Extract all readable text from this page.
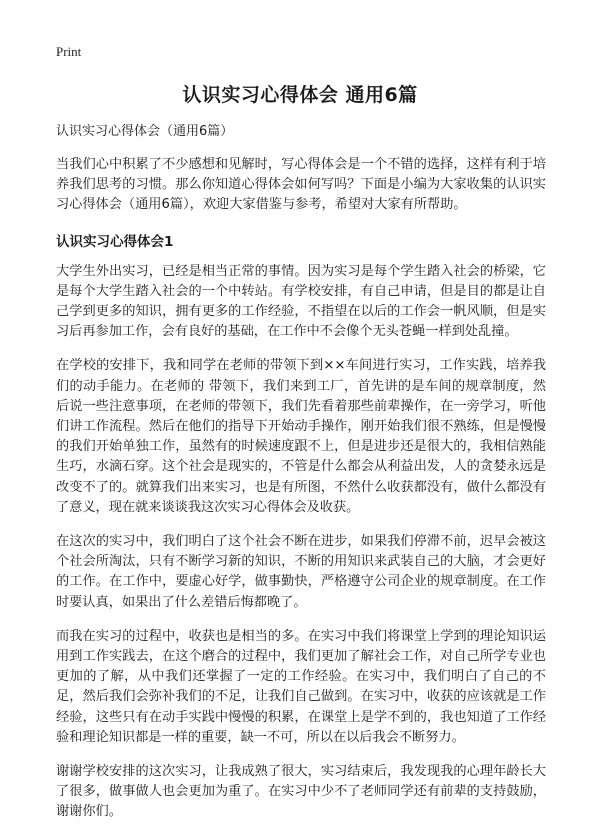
Print
认识实习心得体会 通用6篇
认识实习心得体会（通用6篇）

当我们心中积累了不少感想和见解时，写心得体会是一个不错的选择，这样有利于培养我们思考的习惯。那么你知道心得体会如何写吗？下面是小编为大家收集的认识实习心得体会（通用6篇），欢迎大家借鉴与参考，希望对大家有所帮助。

认识实习心得体会1

大学生外出实习，已经是相当正常的事情。因为实习是每个学生踏入社会的桥梁，它是每个大学生踏入社会的一个中转站。有学校安排，有自己申请，但是目的都是让自己学到更多的知识，拥有更多的工作经验，不指望在以后的工作会一帆风顺，但是实习后再参加工作，会有良好的基础，在工作中不会像个无头苍蝇一样到处乱撞。

在学校的安排下，我和同学在老师的带领下到××车间进行实习，工作实践，培养我们的动手能力。在老师的 带领下，我们来到工厂，首先讲的是车间的规章制度，然后说一些注意事项，在老师的带领下，我们先看着那些前辈操作，在一旁学习，听他们讲工作流程。然后在他们的指导下开始动手操作，刚开始我们很不熟练，但是慢慢的我们开始单独工作，虽然有的时候速度跟不上，但是进步还是很大的，我相信熟能生巧，水滴石穿。这个社会是现实的，不管是什么都会从利益出发，人的贪婪永远是改变不了的。就算我们出来实习，也是有所图，不然什么收获都没有，做什么都没有了意义，现在就来谈谈我这次实习心得体会及收获。

在这次的实习中，我们明白了这个社会不断在进步，如果我们停滞不前，迟早会被这个社会所淘汰，只有不断学习新的知识，不断的用知识来武装自己的大脑，才会更好的工作。在工作中，要虚心好学，做事勤快，严格遵守公司企业的规章制度。在工作时要认真，如果出了什么差错后悔都晚了。

而我在实习的过程中，收获也是相当的多。在实习中我们将课堂上学到的理论知识运用到工作实践去，在这个磨合的过程中，我们更加了解社会工作，对自己所学专业也更加的了解，从中我们还掌握了一定的工作经验。在实习中，我们明白了自己的不足，然后我们会弥补我们的不足，让我们自己做到。在实习中，收获的应该就是工作经验，这些只有在动手实践中慢慢的积累，在课堂上是学不到的，我也知道了工作经验和理论知识都是一样的重要，缺一不可，所以在以后我会不断努力。

谢谢学校安排的这次实习，让我成熟了很大，实习结束后，我发现我的心理年龄长大了很多，做事做人也会更加为重了。在实习中少不了老师同学还有前辈的支持鼓励，谢谢你们。
